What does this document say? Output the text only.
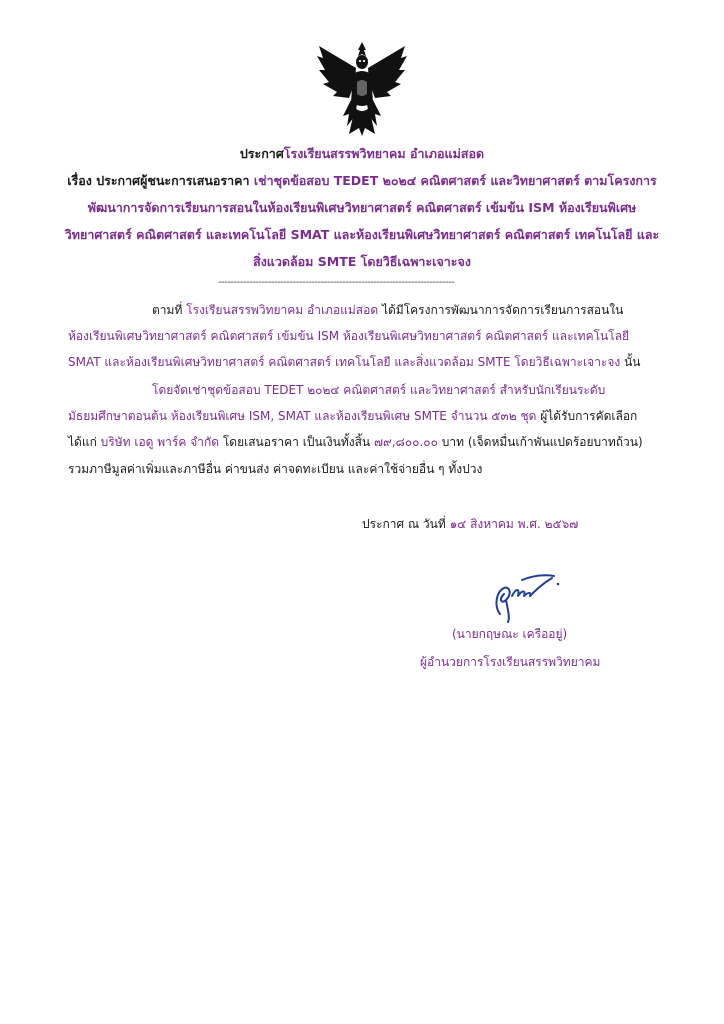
ประกาศโรงเรียนสรรพวิทยาคม อำเภอแม่สอด
เรื่อง ประกาศผู้ชนะการเสนอราคา เช่าชุดข้อสอบ TEDET ๒๐๒๔ คณิตศาสตร์ และวิทยาศาสตร์ ตามโครงการ
พัฒนาการจัดการเรียนการสอนในห้องเรียนพิเศษวิทยาศาสตร์ คณิตศาสตร์ เข้มข้น ISM ห้องเรียนพิเศษ
วิทยาศาสตร์ คณิตศาสตร์ และเทคโนโลยี SMAT และห้องเรียนพิเศษวิทยาศาสตร์ คณิตศาสตร์ เทคโนโลยี และ
สิ่งแวดล้อม SMTE โดยวิธีเฉพาะเจาะจง
----------------------------------------------------------------------------
ตามที่ โรงเรียนสรรพวิทยาคม อำเภอแม่สอด ได้มีโครงการพัฒนาการจัดการเรียนการสอนใน
ห้องเรียนพิเศษวิทยาศาสตร์ คณิตศาสตร์ เข้มข้น ISM ห้องเรียนพิเศษวิทยาศาสตร์ คณิตศาสตร์ และเทคโนโลยี
SMAT และห้องเรียนพิเศษวิทยาศาสตร์ คณิตศาสตร์ เทคโนโลยี และสิ่งแวดล้อม SMTE โดยวิธีเฉพาะเจาะจง นั้น
โดยจัดเช่าชุดข้อสอบ TEDET ๒๐๒๔ คณิตศาสตร์ และวิทยาศาสตร์ สำหรับนักเรียนระดับ
มัธยมศึกษาตอนต้น ห้องเรียนพิเศษ ISM, SMAT และห้องเรียนพิเศษ SMTE จำนวน ๕๓๒ ชุด ผู้ได้รับการคัดเลือก
ได้แก่ บริษัท เอดู พาร์ค จำกัด โดยเสนอราคา เป็นเงินทั้งสิ้น ๗๙,๘๐๐.๐๐ บาท (เจ็ดหมื่นเก้าพันแปดร้อยบาทถ้วน)
รวมภาษีมูลค่าเพิ่มและภาษีอื่น ค่าขนส่ง ค่าจดทะเบียน และค่าใช้จ่ายอื่น ๆ ทั้งปวง
ประกาศ ณ วันที่ ๑๔ สิงหาคม พ.ศ. ๒๕๖๗
(นายกฤษณะ เครืออยู่)
ผู้อำนวยการโรงเรียนสรรพวิทยาคม
